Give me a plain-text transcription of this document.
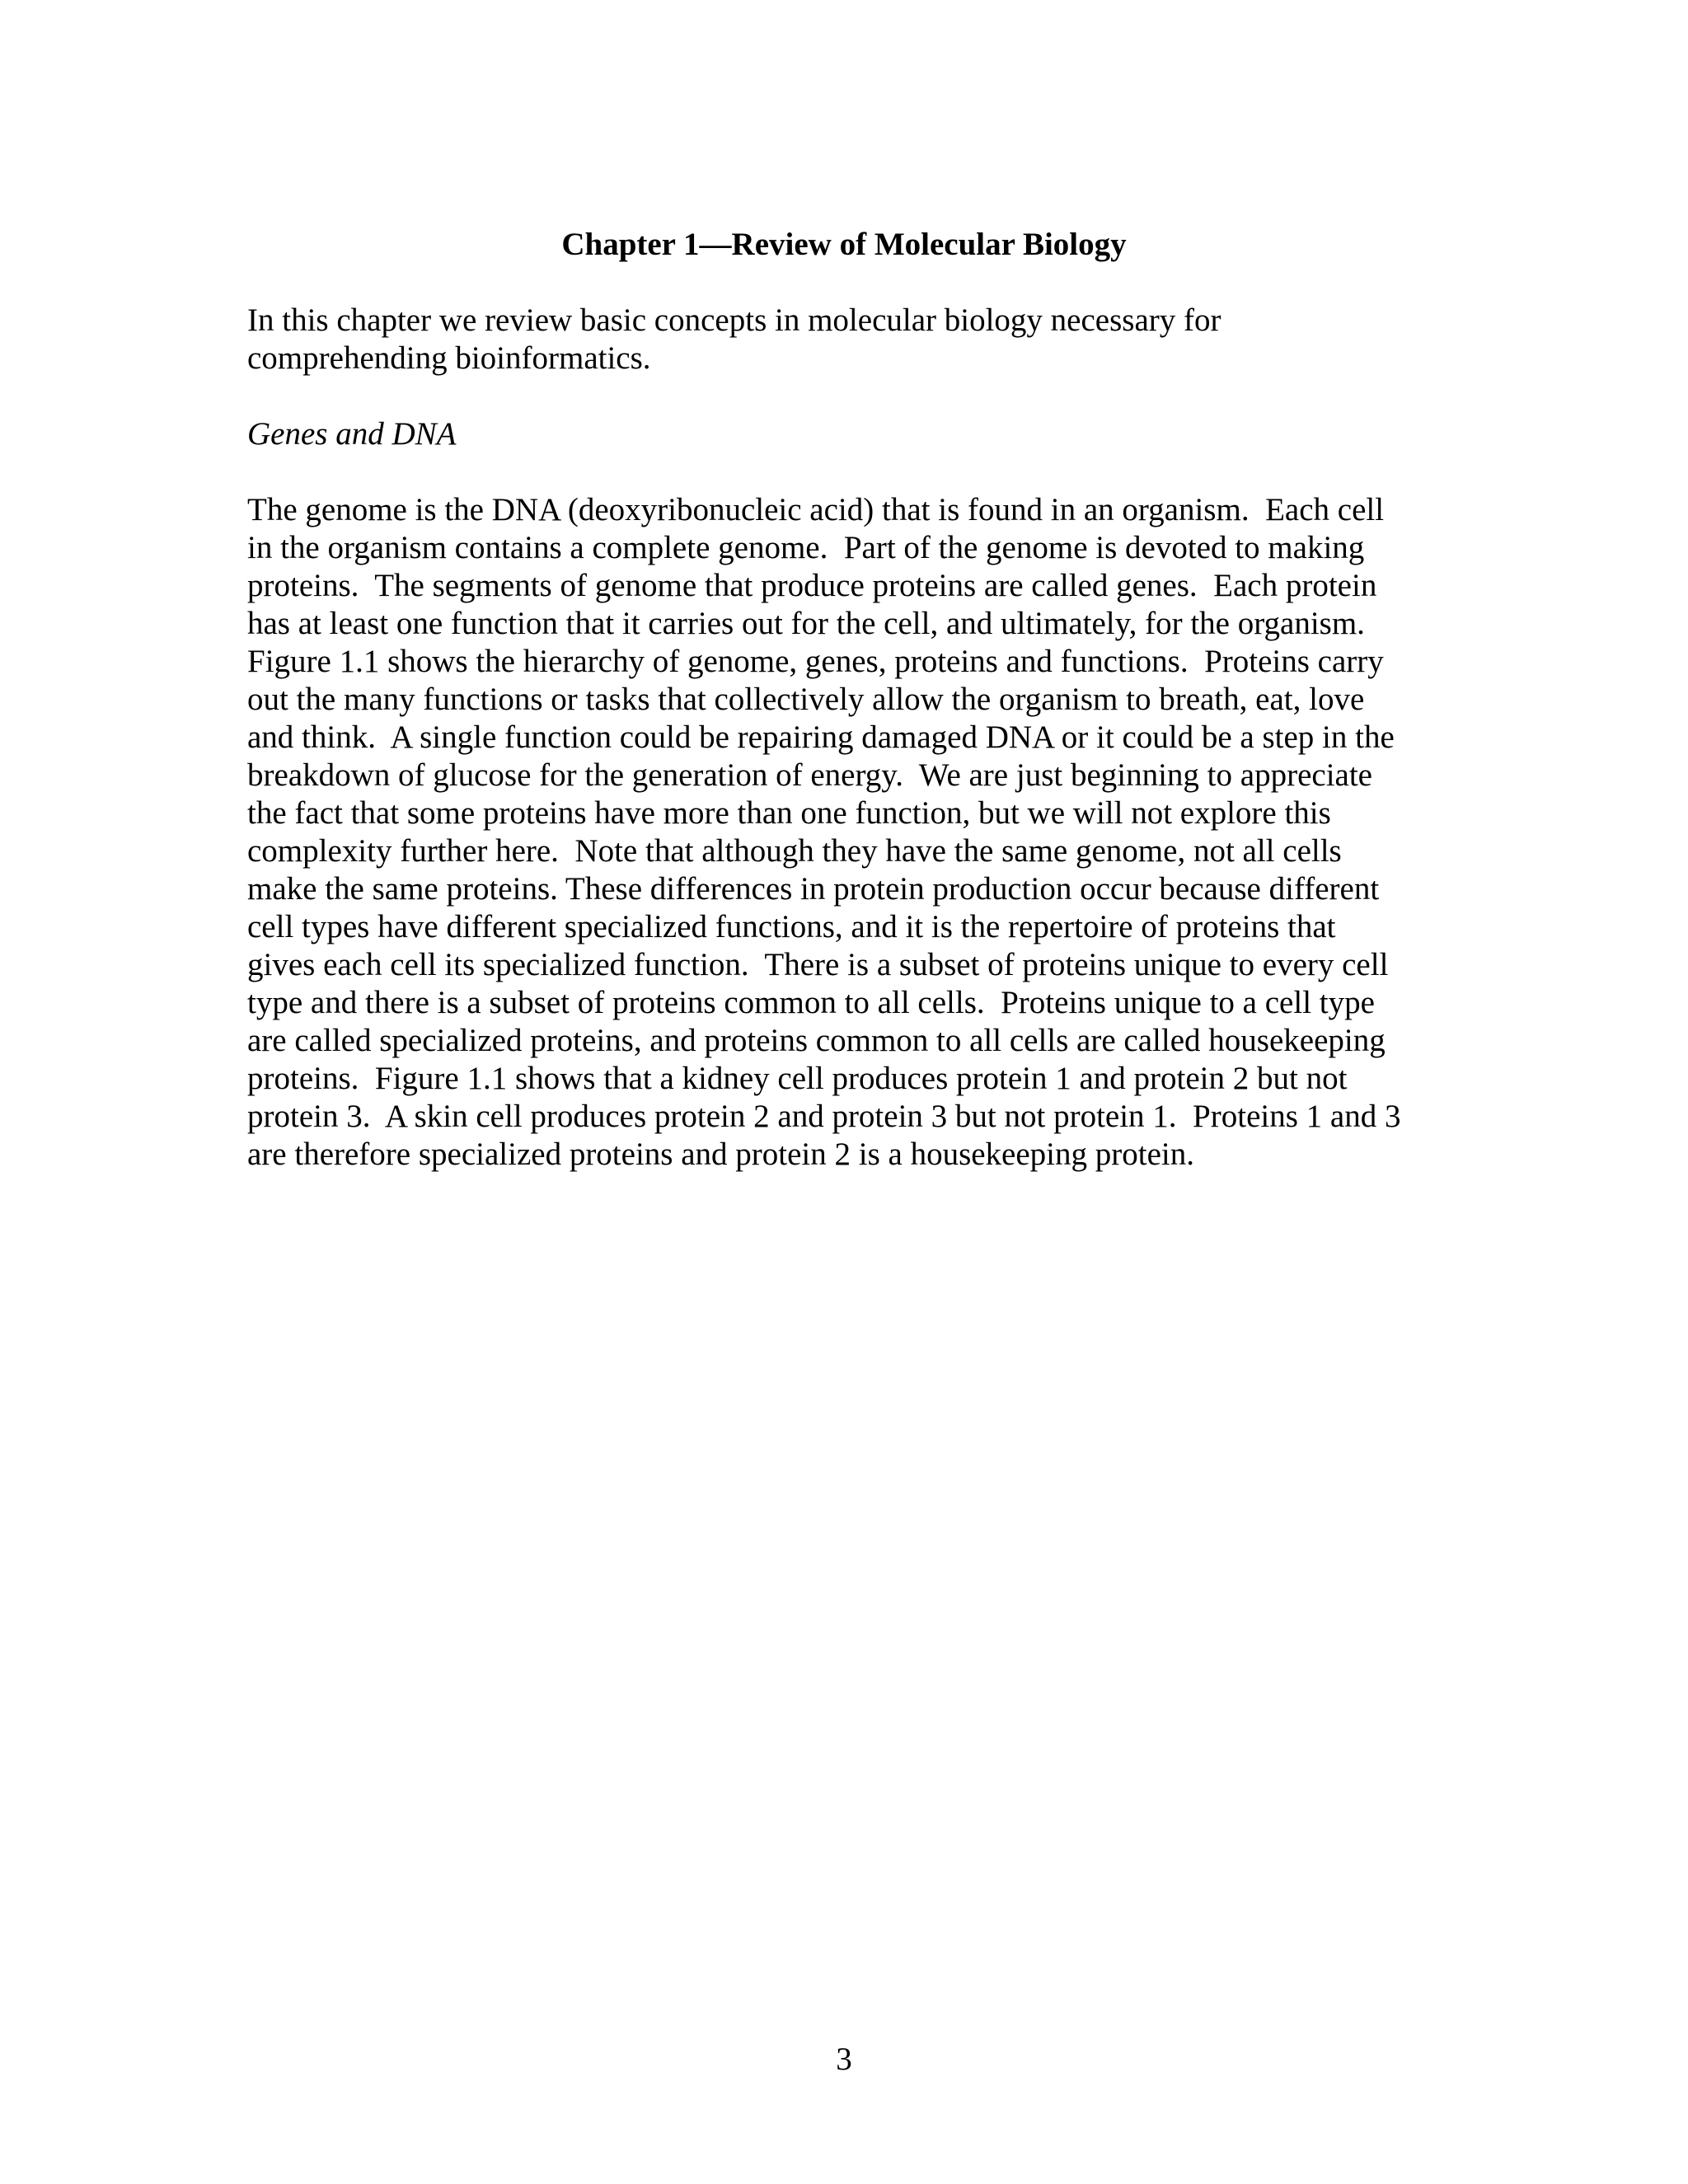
Chapter 1—Review of Molecular Biology
In this chapter we review basic concepts in molecular biology necessary for
comprehending bioinformatics.
Genes and DNA
The genome is the DNA (deoxyribonucleic acid) that is found in an organism.  Each cell
in the organism contains a complete genome.  Part of the genome is devoted to making
proteins.  The segments of genome that produce proteins are called genes.  Each protein
has at least one function that it carries out for the cell, and ultimately, for the organism.
Figure 1.1 shows the hierarchy of genome, genes, proteins and functions.  Proteins carry
out the many functions or tasks that collectively allow the organism to breath, eat, love
and think.  A single function could be repairing damaged DNA or it could be a step in the
breakdown of glucose for the generation of energy.  We are just beginning to appreciate
the fact that some proteins have more than one function, but we will not explore this
complexity further here.  Note that although they have the same genome, not all cells
make the same proteins. These differences in protein production occur because different
cell types have different specialized functions, and it is the repertoire of proteins that
gives each cell its specialized function.  There is a subset of proteins unique to every cell
type and there is a subset of proteins common to all cells.  Proteins unique to a cell type
are called specialized proteins, and proteins common to all cells are called housekeeping
proteins.  Figure 1.1 shows that a kidney cell produces protein 1 and protein 2 but not
protein 3.  A skin cell produces protein 2 and protein 3 but not protein 1.  Proteins 1 and 3
are therefore specialized proteins and protein 2 is a housekeeping protein.
3
